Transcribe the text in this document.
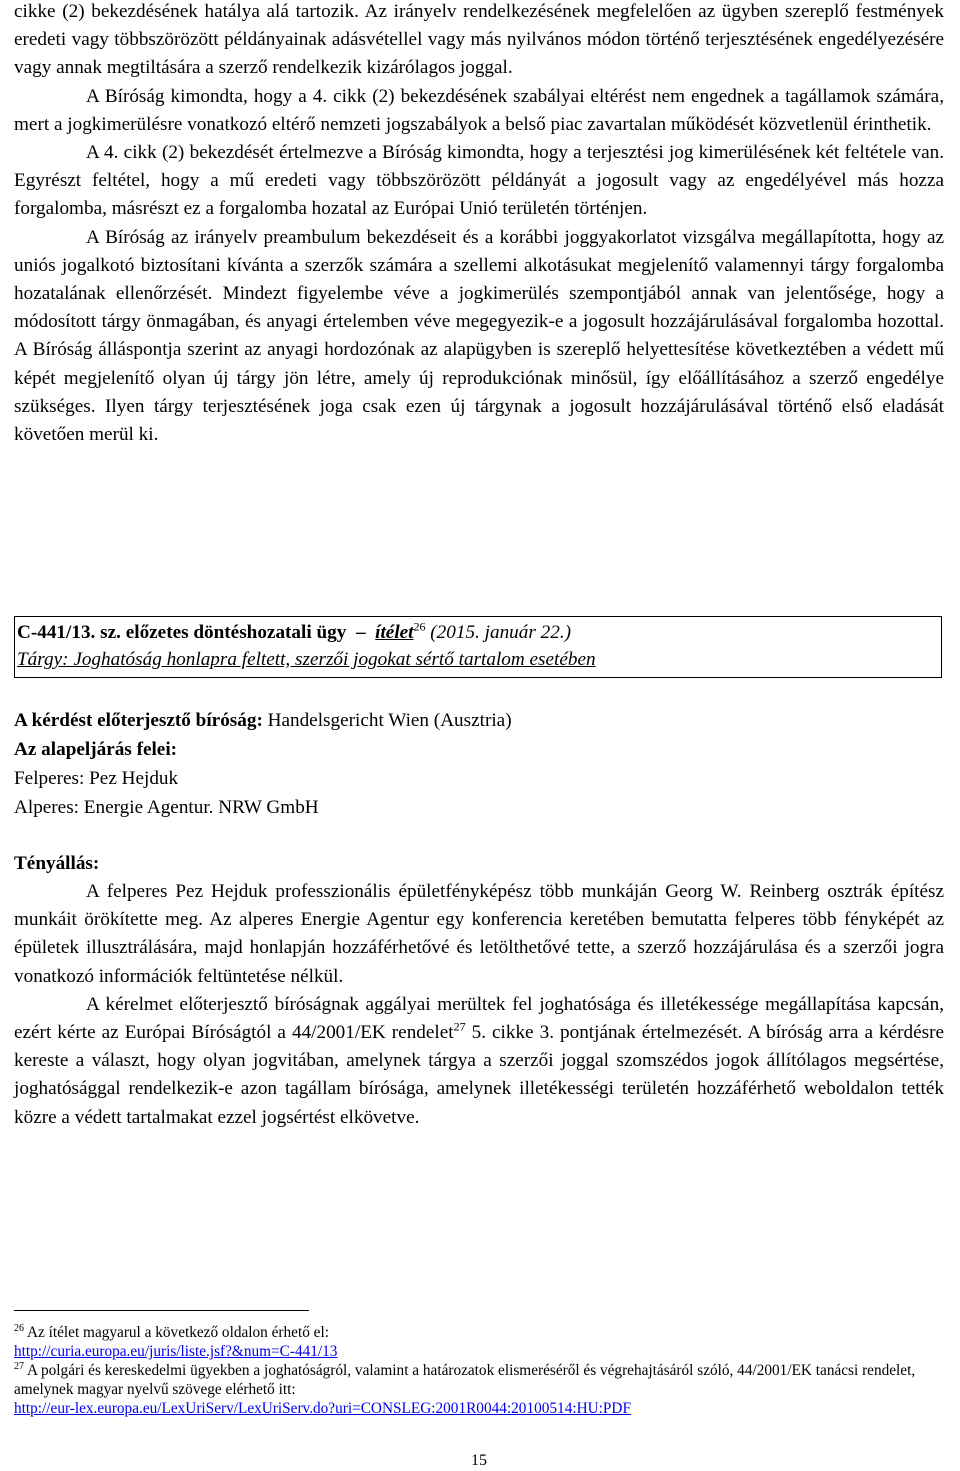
cikke (2) bekezdésének hatálya alá tartozik. Az irányelv rendelkezésének megfelelően az ügyben szereplő festmények eredeti vagy többszörözött példányainak adásvétellel vagy más nyilvános módon történő terjesztésének engedélyezésére vagy annak megtiltására a szerző rendelkezik kizárólagos joggal.

A Bíróság kimondta, hogy a 4. cikk (2) bekezdésének szabályai eltérést nem engednek a tagállamok számára, mert a jogkimerülésre vonatkozó eltérő nemzeti jogszabályok a belső piac zavartalan működését közvetlenül érinthetik.

A 4. cikk (2) bekezdését értelmezve a Bíróság kimondta, hogy a terjesztési jog kimerülésének két feltétele van. Egyrészt feltétel, hogy a mű eredeti vagy többszörözött példányát a jogosult vagy az engedélyével más hozza forgalomba, másrészt ez a forgalomba hozatal az Európai Unió területén történjen.

A Bíróság az irányelv preambulum bekezdéseit és a korábbi joggyakorlatot vizsgálva megállapította, hogy az uniós jogalkotó biztosítani kívánta a szerzők számára a szellemi alkotásukat megjelenítő valamennyi tárgy forgalomba hozatalának ellenőrzését. Mindezt figyelembe véve a jogkimerülés szempontjából annak van jelentősége, hogy a módosított tárgy önmagában, és anyagi értelemben véve megegyezik-e a jogosult hozzájárulásával forgalomba hozottal. A Bíróság álláspontja szerint az anyagi hordozónak az alapügyben is szereplő helyettesítése következtében a védett mű képét megjelenítő olyan új tárgy jön létre, amely új reprodukciónak minősül, így előállításához a szerző engedélye szükséges. Ilyen tárgy terjesztésének joga csak ezen új tárgynak a jogosult hozzájárulásával történő első eladását követően merül ki.

C-441/13. sz. előzetes döntéshozatali ügy  –  ítélet$^{26}$ (2015. január 22.)
Tárgy: Joghatóság honlapra feltett, szerzői jogokat sértő tartalom esetében
A kérdést előterjesztő bíróság: Handelsgericht Wien (Ausztria)
Az alapeljárás felei:
Felperes: Pez Hejduk
Alperes: Energie Agentur. NRW GmbH
Tényállás:

A felperes Pez Hejduk professzionális épületfényképész több munkáján Georg W. Reinberg osztrák építész munkáit örökítette meg. Az alperes Energie Agentur egy konferencia keretében bemutatta felperes több fényképét az épületek illusztrálására, majd honlapján hozzáférhetővé és letölthetővé tette, a szerző hozzájárulása és a szerzői jogra vonatkozó információk feltüntetése nélkül.

A kérelmet előterjesztő bíróságnak aggályai merültek fel joghatósága és illetékessége megállapítása kapcsán, ezért kérte az Európai Bíróságtól a 44/2001/EK rendelet$^{27}$ 5. cikke 3. pontjának értelmezését. A bíróság arra a kérdésre kereste a választ, hogy olyan jogvitában, amelynek tárgya a szerzői joggal szomszédos jogok állítólagos megsértése, joghatósággal rendelkezik-e azon tagállam bírósága, amelynek illetékességi területén hozzáférhető weboldalon tették közre a védett tartalmakat ezzel jogsértést elkövetve.

$^{26}$ Az ítélet magyarul a következő oldalon érhető el:
http://curia.europa.eu/juris/liste.jsf?&num=C-441/13
$^{27}$ A polgári és kereskedelmi ügyekben a joghatóságról, valamint a határozatok elismeréséről és végrehajtásáról szóló, 44/2001/EK tanácsi rendelet, amelynek magyar nyelvű szövege elérhető itt:
http://eur-lex.europa.eu/LexUriServ/LexUriServ.do?uri=CONSLEG:2001R0044:20100514:HU:PDF
15
